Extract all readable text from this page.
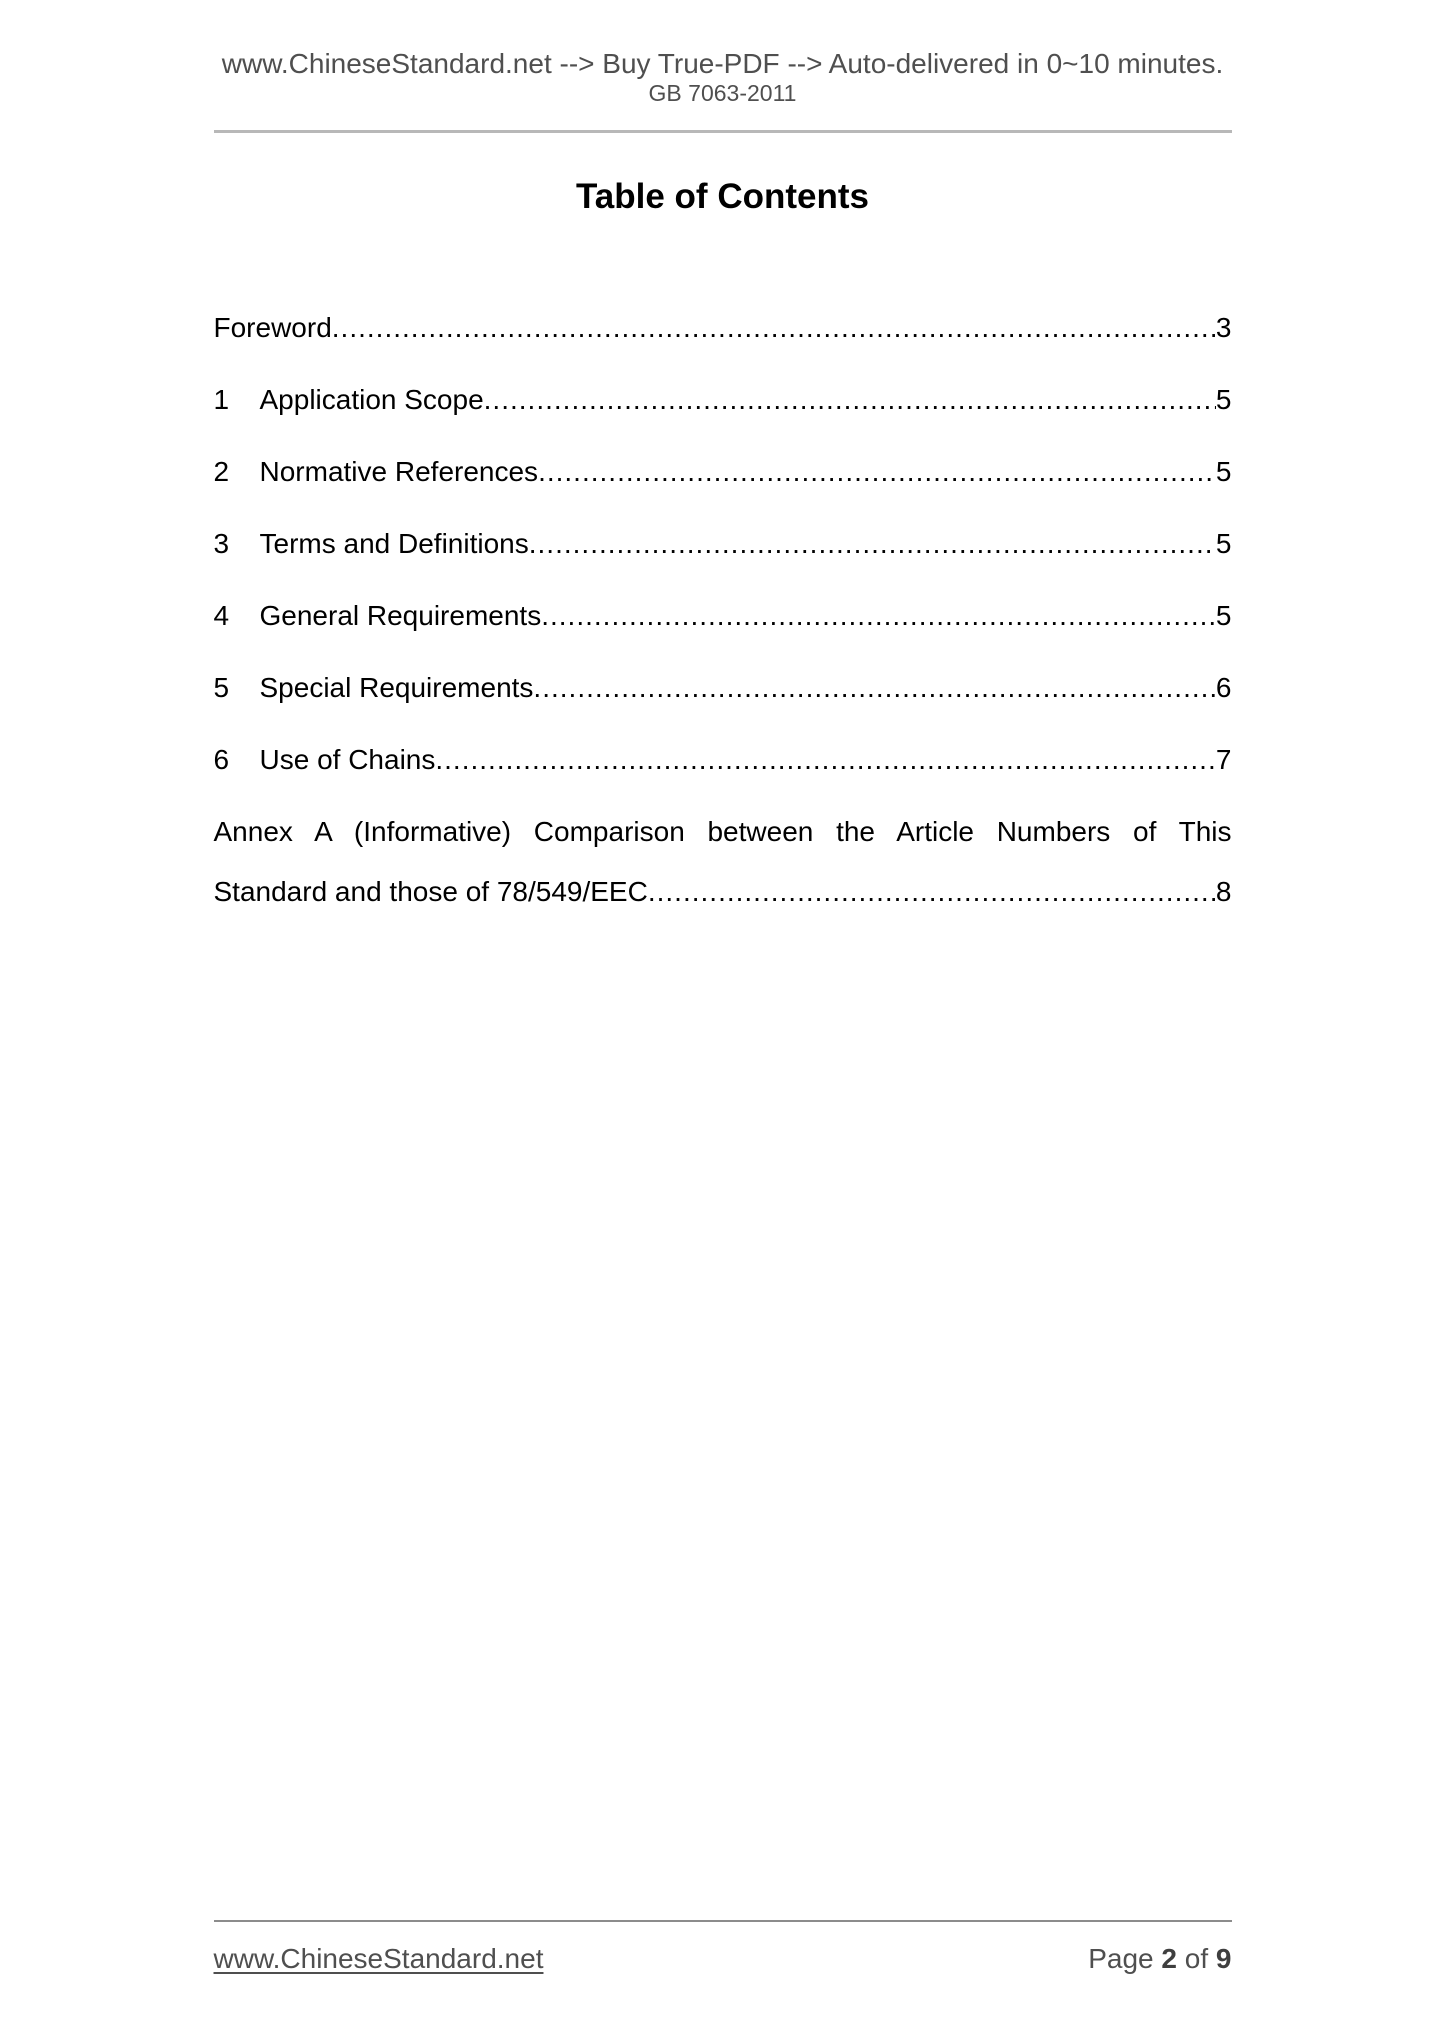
www.ChineseStandard.net --> Buy True-PDF --> Auto-delivered in 0~10 minutes.
GB 7063-2011
Table of Contents
Foreword .....	3
1	Application Scope .....	5
2	Normative References .....	5
3	Terms and Definitions .....	5
4	General Requirements .....	5
5	Special Requirements .....	6
6	Use of Chains .....	7
Annex A (Informative) Comparison between the Article Numbers of This
Standard and those of 78/549/EEC .....	8
www.ChineseStandard.net	Page 2 of 9
